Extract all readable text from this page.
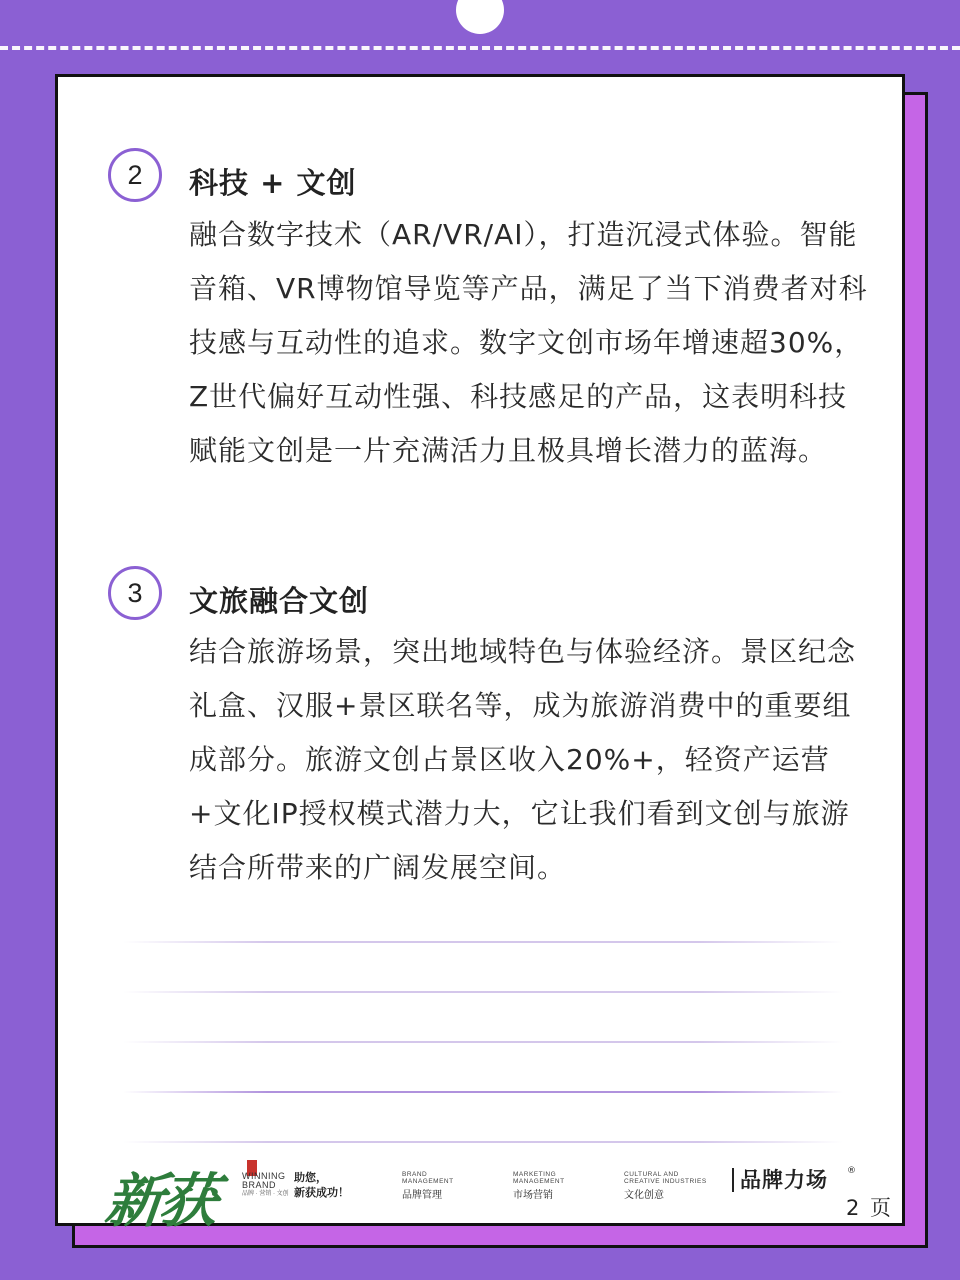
2	科技 + 文创
融合数字技术（AR/VR/AI），打造沉浸式体验。智能音箱、VR博物馆导览等产品，满足了当下消费者对科技感与互动性的追求。数字文创市场年增速超30%，Z世代偏好互动性强、科技感足的产品，这表明科技赋能文创是一片充满活力且极具增长潜力的蓝海。
3	文旅融合文创
结合旅游场景，突出地域特色与体验经济。景区纪念礼盒、汉服+景区联名等，成为旅游消费中的重要组成部分。旅游文创占景区收入20%+，轻资产运营+文化IP授权模式潜力大，它让我们看到文创与旅游结合所带来的广阔发展空间。
新获	WINNING
BRAND
品牌 · 营销 · 文创
助您，
新获成功！
BRAND
MANAGEMENT
品牌管理
MARKETING
MANAGEMENT
市场营销
CULTURAL AND
CREATIVE INDUSTRIES
文化创意
品牌力场 ®
2 页
